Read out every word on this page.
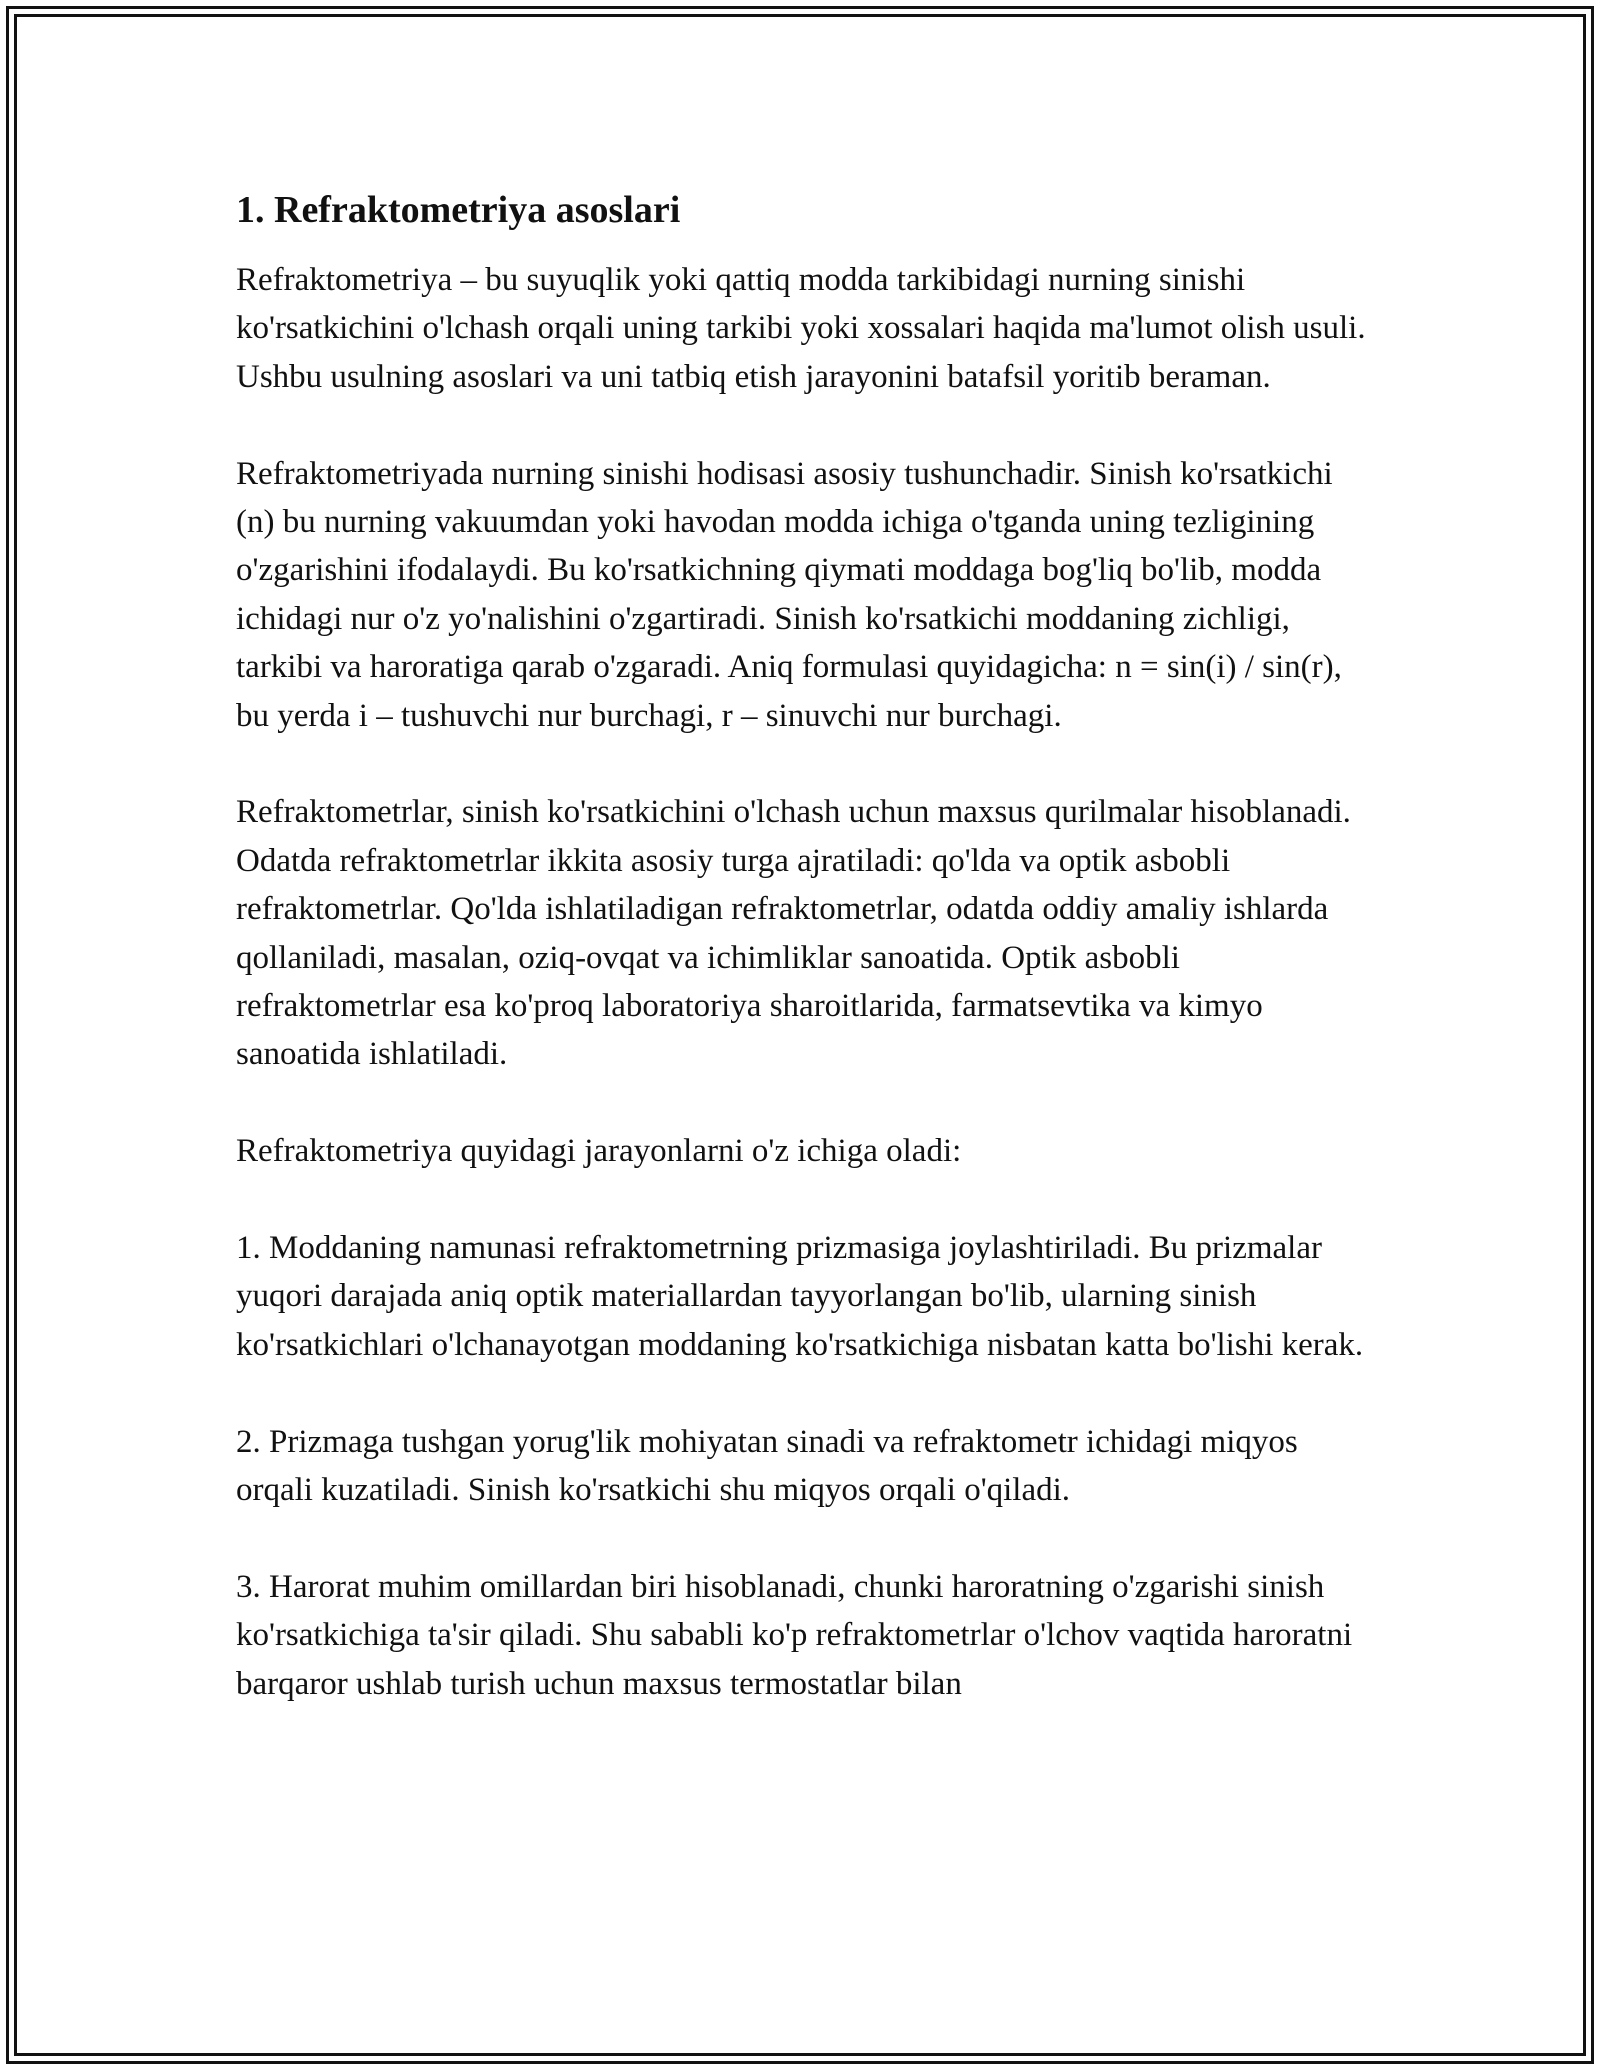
1. Refraktometriya asoslari

Refraktometriya – bu suyuqlik yoki qattiq modda tarkibidagi nurning sinishi ko'rsatkichini o'lchash orqali uning tarkibi yoki xossalari haqida ma'lumot olish usuli. Ushbu usulning asoslari va uni tatbiq etish jarayonini batafsil yoritib beraman.

Refraktometriyada nurning sinishi hodisasi asosiy tushunchadir. Sinish ko'rsatkichi (n) bu nurning vakuumdan yoki havodan modda ichiga o'tganda uning tezligining o'zgarishini ifodalaydi. Bu ko'rsatkichning qiymati moddaga bog'liq bo'lib, modda ichidagi nur o'z yo'nalishini o'zgartiradi. Sinish ko'rsatkichi moddaning zichligi, tarkibi va haroratiga qarab o'zgaradi. Aniq formulasi quyidagicha: n = sin(i) / sin(r), bu yerda i – tushuvchi nur burchagi, r – sinuvchi nur burchagi.

Refraktometrlar, sinish ko'rsatkichini o'lchash uchun maxsus qurilmalar hisoblanadi. Odatda refraktometrlar ikkita asosiy turga ajratiladi: qo'lda va optik asbobli refraktometrlar. Qo'lda ishlatiladigan refraktometrlar, odatda oddiy amaliy ishlarda qollaniladi, masalan, oziq-ovqat va ichimliklar sanoatida. Optik asbobli refraktometrlar esa ko'proq laboratoriya sharoitlarida, farmatsevtika va kimyo sanoatida ishlatiladi.

Refraktometriya quyidagi jarayonlarni o'z ichiga oladi:

1. Moddaning namunasi refraktometrning prizmasiga joylashtiriladi. Bu prizmalar yuqori darajada aniq optik materiallardan tayyorlangan bo'lib, ularning sinish ko'rsatkichlari o'lchanayotgan moddaning ko'rsatkichiga nisbatan katta bo'lishi kerak.

2. Prizmaga tushgan yorug'lik mohiyatan sinadi va refraktometr ichidagi miqyos orqali kuzatiladi. Sinish ko'rsatkichi shu miqyos orqali o'qiladi.

3. Harorat muhim omillardan biri hisoblanadi, chunki haroratning o'zgarishi sinish ko'rsatkichiga ta'sir qiladi. Shu sababli ko'p refraktometrlar o'lchov vaqtida haroratni barqaror ushlab turish uchun maxsus termostatlar bilan
